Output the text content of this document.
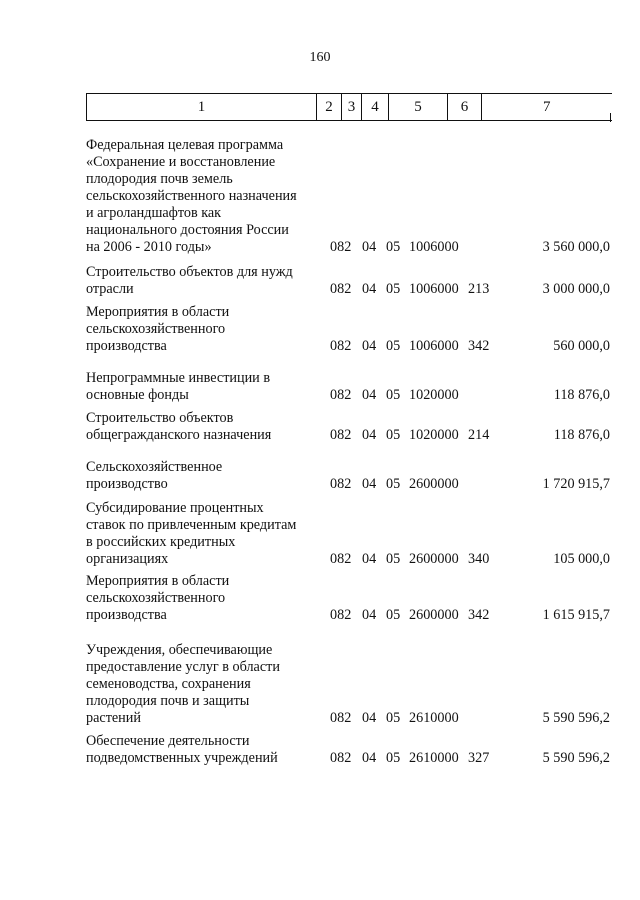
160
1	2	3	4	5	6	7
Федеральная целевая программа
«Сохранение и восстановление
плодородия почв земель
сельскохозяйственного назначения
и агроландшафтов как
национального достояния России
на 2006 - 2010 годы»	082 04 05 1006000	3 560 000,0
Строительство объектов для нужд
отрасли	082 04 05 1006000 213	3 000 000,0
Мероприятия в области
сельскохозяйственного
производства	082 04 05 1006000 342	560 000,0
Непрограммные инвестиции в
основные фонды	082 04 05 1020000	118 876,0
Строительство объектов
общегражданского назначения	082 04 05 1020000 214	118 876,0
Сельскохозяйственное
производство	082 04 05 2600000	1 720 915,7
Субсидирование процентных
ставок по привлеченным кредитам
в российских кредитных
организациях	082 04 05 2600000 340	105 000,0
Мероприятия в области
сельскохозяйственного
производства	082 04 05 2600000 342	1 615 915,7
Учреждения, обеспечивающие
предоставление услуг в области
семеноводства, сохранения
плодородия почв и защиты
растений	082 04 05 2610000	5 590 596,2
Обеспечение деятельности
подведомственных учреждений	082 04 05 2610000 327	5 590 596,2
